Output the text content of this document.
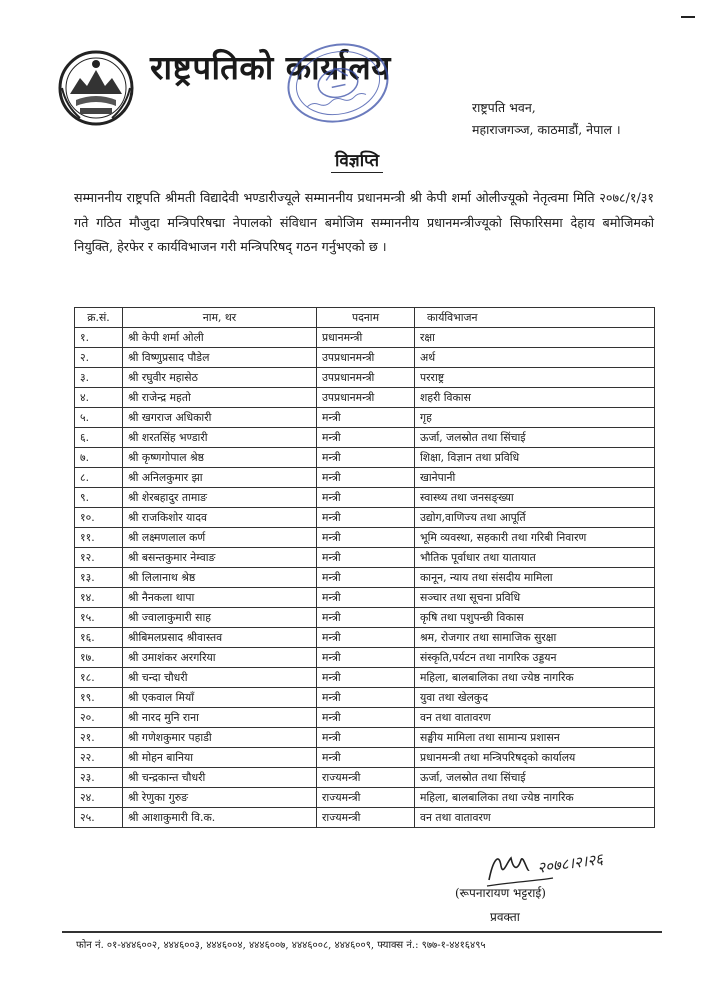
राष्ट्रपतिको कार्यालय
राष्ट्रपति भवन,
महाराजगञ्ज, काठमाडौं, नेपाल ।
विज्ञप्ति

सम्माननीय राष्ट्रपति श्रीमती विद्यादेवी भण्डारीज्यूले सम्माननीय प्रधानमन्त्री श्री केपी शर्मा ओलीज्यूको नेतृत्वमा मिति २०७८/१/३१ गते गठित मौजुदा मन्त्रिपरिषद्मा नेपालको संविधान बमोजिम सम्माननीय प्रधानमन्त्रीज्यूको सिफारिसमा देहाय बमोजिमको नियुक्ति, हेरफेर र कार्यविभाजन गरी मन्त्रिपरिषद् गठन गर्नुभएको छ ।

क्र.सं.	नाम, थर	पदनाम	कार्यविभाजन
१.	श्री केपी शर्मा ओली	प्रधानमन्त्री	रक्षा
२.	श्री विष्णुप्रसाद पौडेल	उपप्रधानमन्त्री	अर्थ
३.	श्री रघुवीर महासेठ	उपप्रधानमन्त्री	परराष्ट्र
४.	श्री राजेन्द्र महतो	उपप्रधानमन्त्री	शहरी विकास
५.	श्री खगराज अधिकारी	मन्त्री	गृह
६.	श्री शरतसिंह भण्डारी	मन्त्री	ऊर्जा, जलस्रोत तथा सिंचाई
७.	श्री कृष्णगोपाल श्रेष्ठ	मन्त्री	शिक्षा, विज्ञान तथा प्रविधि
८.	श्री अनिलकुमार झा	मन्त्री	खानेपानी
९.	श्री शेरबहादुर तामाङ	मन्त्री	स्वास्थ्य तथा जनसङ्ख्या
१०.	श्री राजकिशोर यादव	मन्त्री	उद्योग,वाणिज्य तथा आपूर्ति
११.	श्री लक्ष्मणलाल कर्ण	मन्त्री	भूमि व्यवस्था, सहकारी तथा गरिबी निवारण
१२.	श्री बसन्तकुमार नेम्वाङ	मन्त्री	भौतिक पूर्वाधार तथा यातायात
१३.	श्री लिलानाथ श्रेष्ठ	मन्त्री	कानून, न्याय तथा संसदीय मामिला
१४.	श्री नैनकला थापा	मन्त्री	सञ्चार तथा सूचना प्रविधि
१५.	श्री ज्वालाकुमारी साह	मन्त्री	कृषि तथा पशुपन्छी विकास
१६.	श्रीबिमलप्रसाद श्रीवास्तव	मन्त्री	श्रम, रोजगार तथा सामाजिक सुरक्षा
१७.	श्री उमाशंकर अरगरिया	मन्त्री	संस्कृति,पर्यटन तथा नागरिक उड्डयन
१८.	श्री चन्दा चौधरी	मन्त्री	महिला, बालबालिका तथा ज्येष्ठ नागरिक
१९.	श्री एकवाल मियाँ	मन्त्री	युवा तथा खेलकुद
२०.	श्री नारद मुनि राना	मन्त्री	वन तथा वातावरण
२१.	श्री गणेशकुमार पहाडी	मन्त्री	सङ्घीय मामिला तथा सामान्य प्रशासन
२२.	श्री मोहन बानिया	मन्त्री	प्रधानमन्त्री तथा मन्त्रिपरिषद्को कार्यालय
२३.	श्री चन्द्रकान्त चौधरी	राज्यमन्त्री	ऊर्जा, जलस्रोत तथा सिंचाई
२४.	श्री रेणुका गुरुङ	राज्यमन्त्री	महिला, बालबालिका तथा ज्येष्ठ नागरिक
२५.	श्री आशाकुमारी वि.क.	राज्यमन्त्री	वन तथा वातावरण
२०७८।२।२६
(रूपनारायण भट्टराई)
प्रवक्ता
फोन नं. ०१-४४४६००२, ४४४६००३, ४४४६००४, ४४४६००७, ४४४६००८, ४४४६००९, फ्याक्स नं.: ९७७-१-४४१६४९५
